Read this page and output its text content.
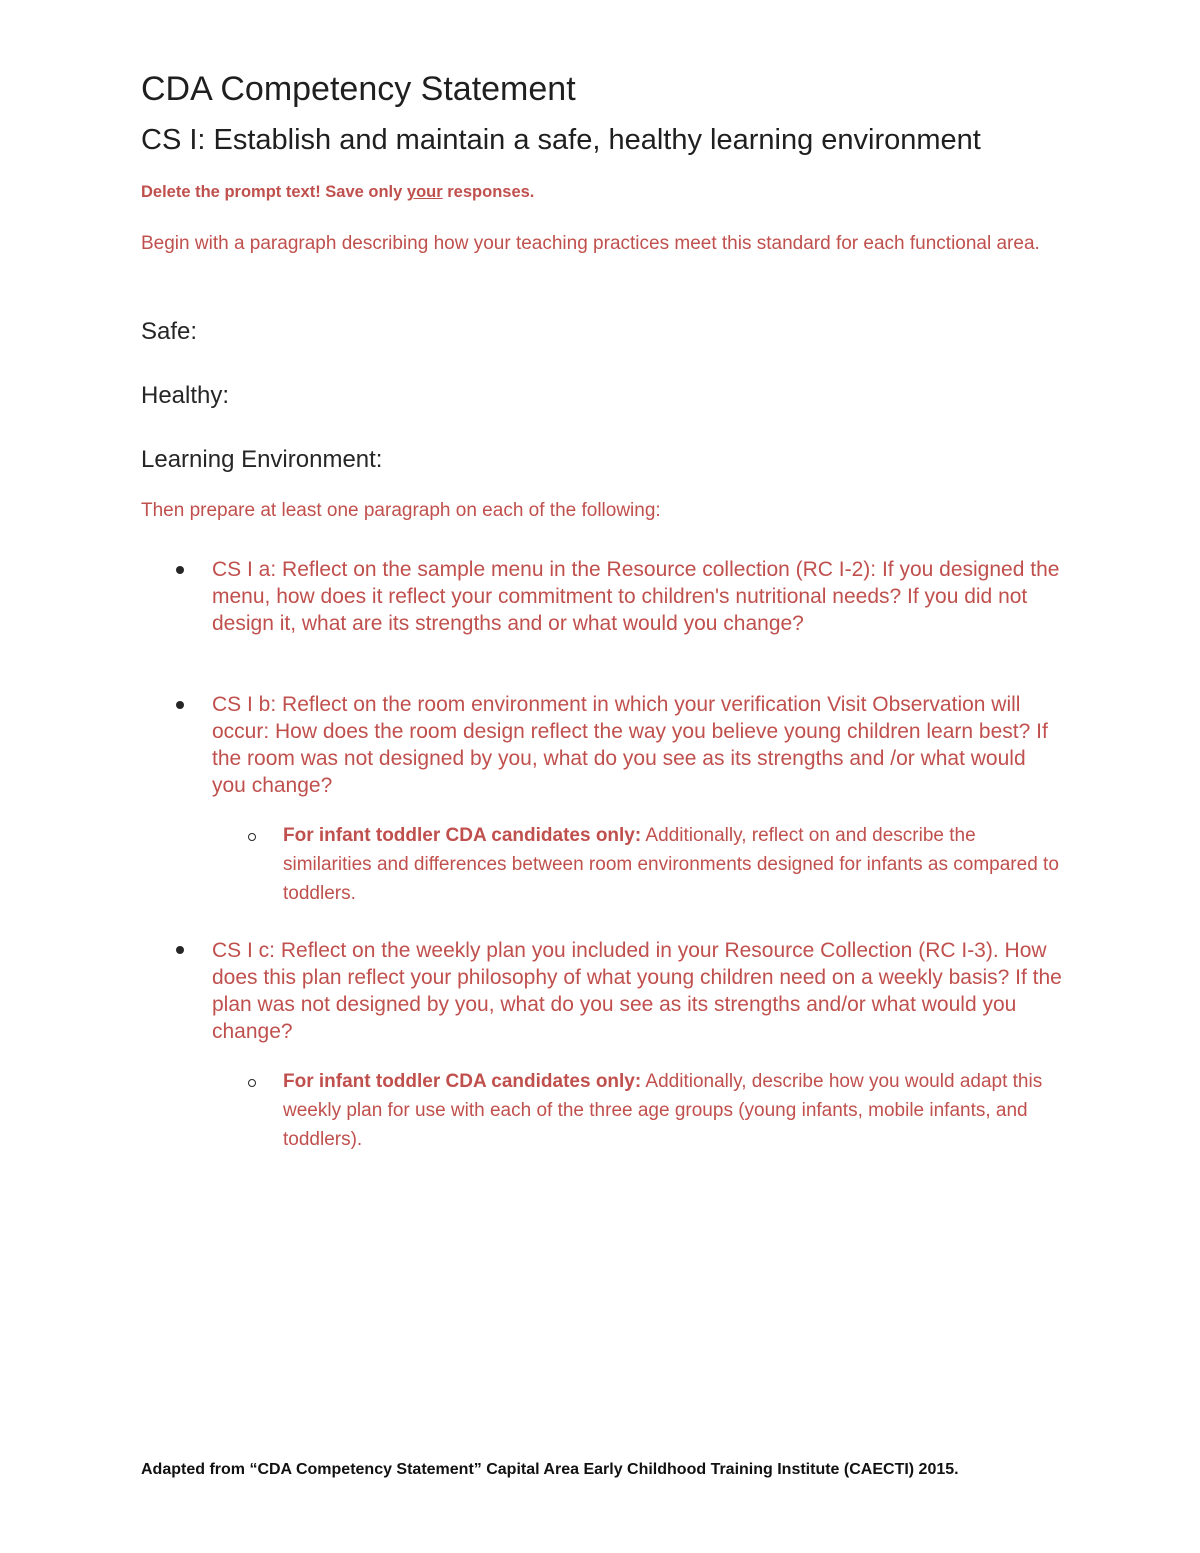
CDA Competency Statement
CS I: Establish and maintain a safe, healthy learning environment
Delete the prompt text! Save only your responses.
Begin with a paragraph describing how your teaching practices meet this standard for each functional area.
Safe:
Healthy:
Learning Environment:
Then prepare at least one paragraph on each of the following:
CS I a: Reflect on the sample menu in the Resource collection (RC I-2): If you designed the menu, how does it reflect your commitment to children's nutritional needs? If you did not design it, what are its strengths and or what would you change?
CS I b: Reflect on the room environment in which your verification Visit Observation will occur: How does the room design reflect the way you believe young children learn best? If the room was not designed by you, what do you see as its strengths and /or what would you change?
For infant toddler CDA candidates only: Additionally, reflect on and describe the similarities and differences between room environments designed for infants as compared to toddlers.
CS I c: Reflect on the weekly plan you included in your Resource Collection (RC I-3). How does this plan reflect your philosophy of what young children need on a weekly basis? If the plan was not designed by you, what do you see as its strengths and/or what would you change?
For infant toddler CDA candidates only: Additionally, describe how you would adapt this weekly plan for use with each of the three age groups (young infants, mobile infants, and toddlers).
Adapted from “CDA Competency Statement” Capital Area Early Childhood Training Institute (CAECTI) 2015.
